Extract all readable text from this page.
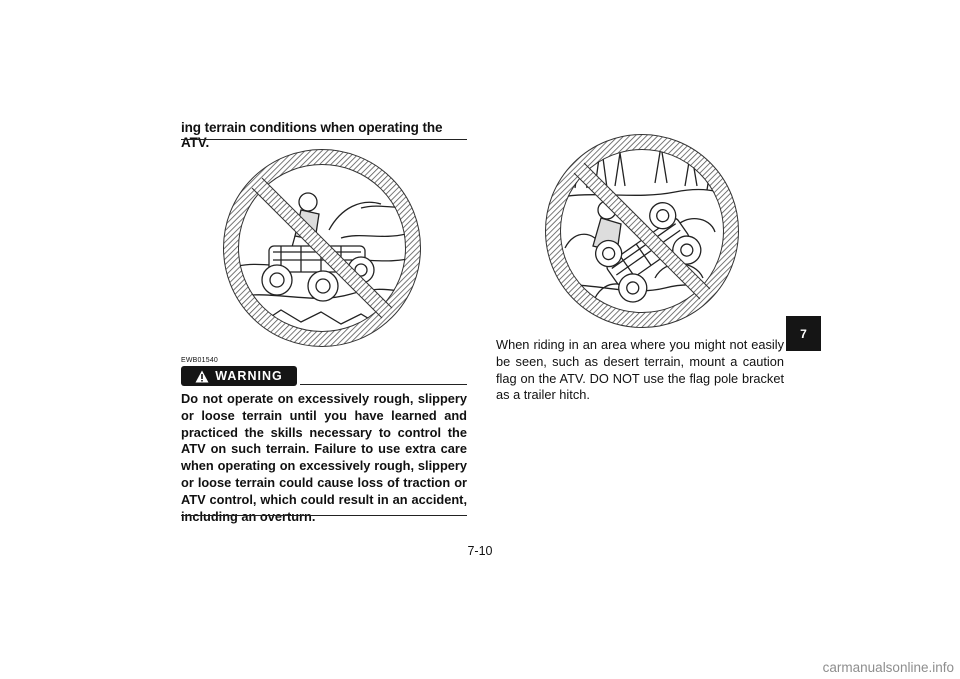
ing terrain conditions when operating the ATV.
EWB01540
WARNING
Do not operate on excessively rough, slippery or loose terrain until you have learned and practiced the skills necessary to control the ATV on such terrain. Failure to use extra care when operating on excessively rough, slippery or loose terrain could cause loss of traction or ATV control, which could result in an accident, including an overturn.
When riding in an area where you might not easily be seen, such as desert terrain, mount a caution flag on the ATV. DO NOT use the flag pole bracket as a trailer hitch.
7
7-10
carmanualsonline.info
